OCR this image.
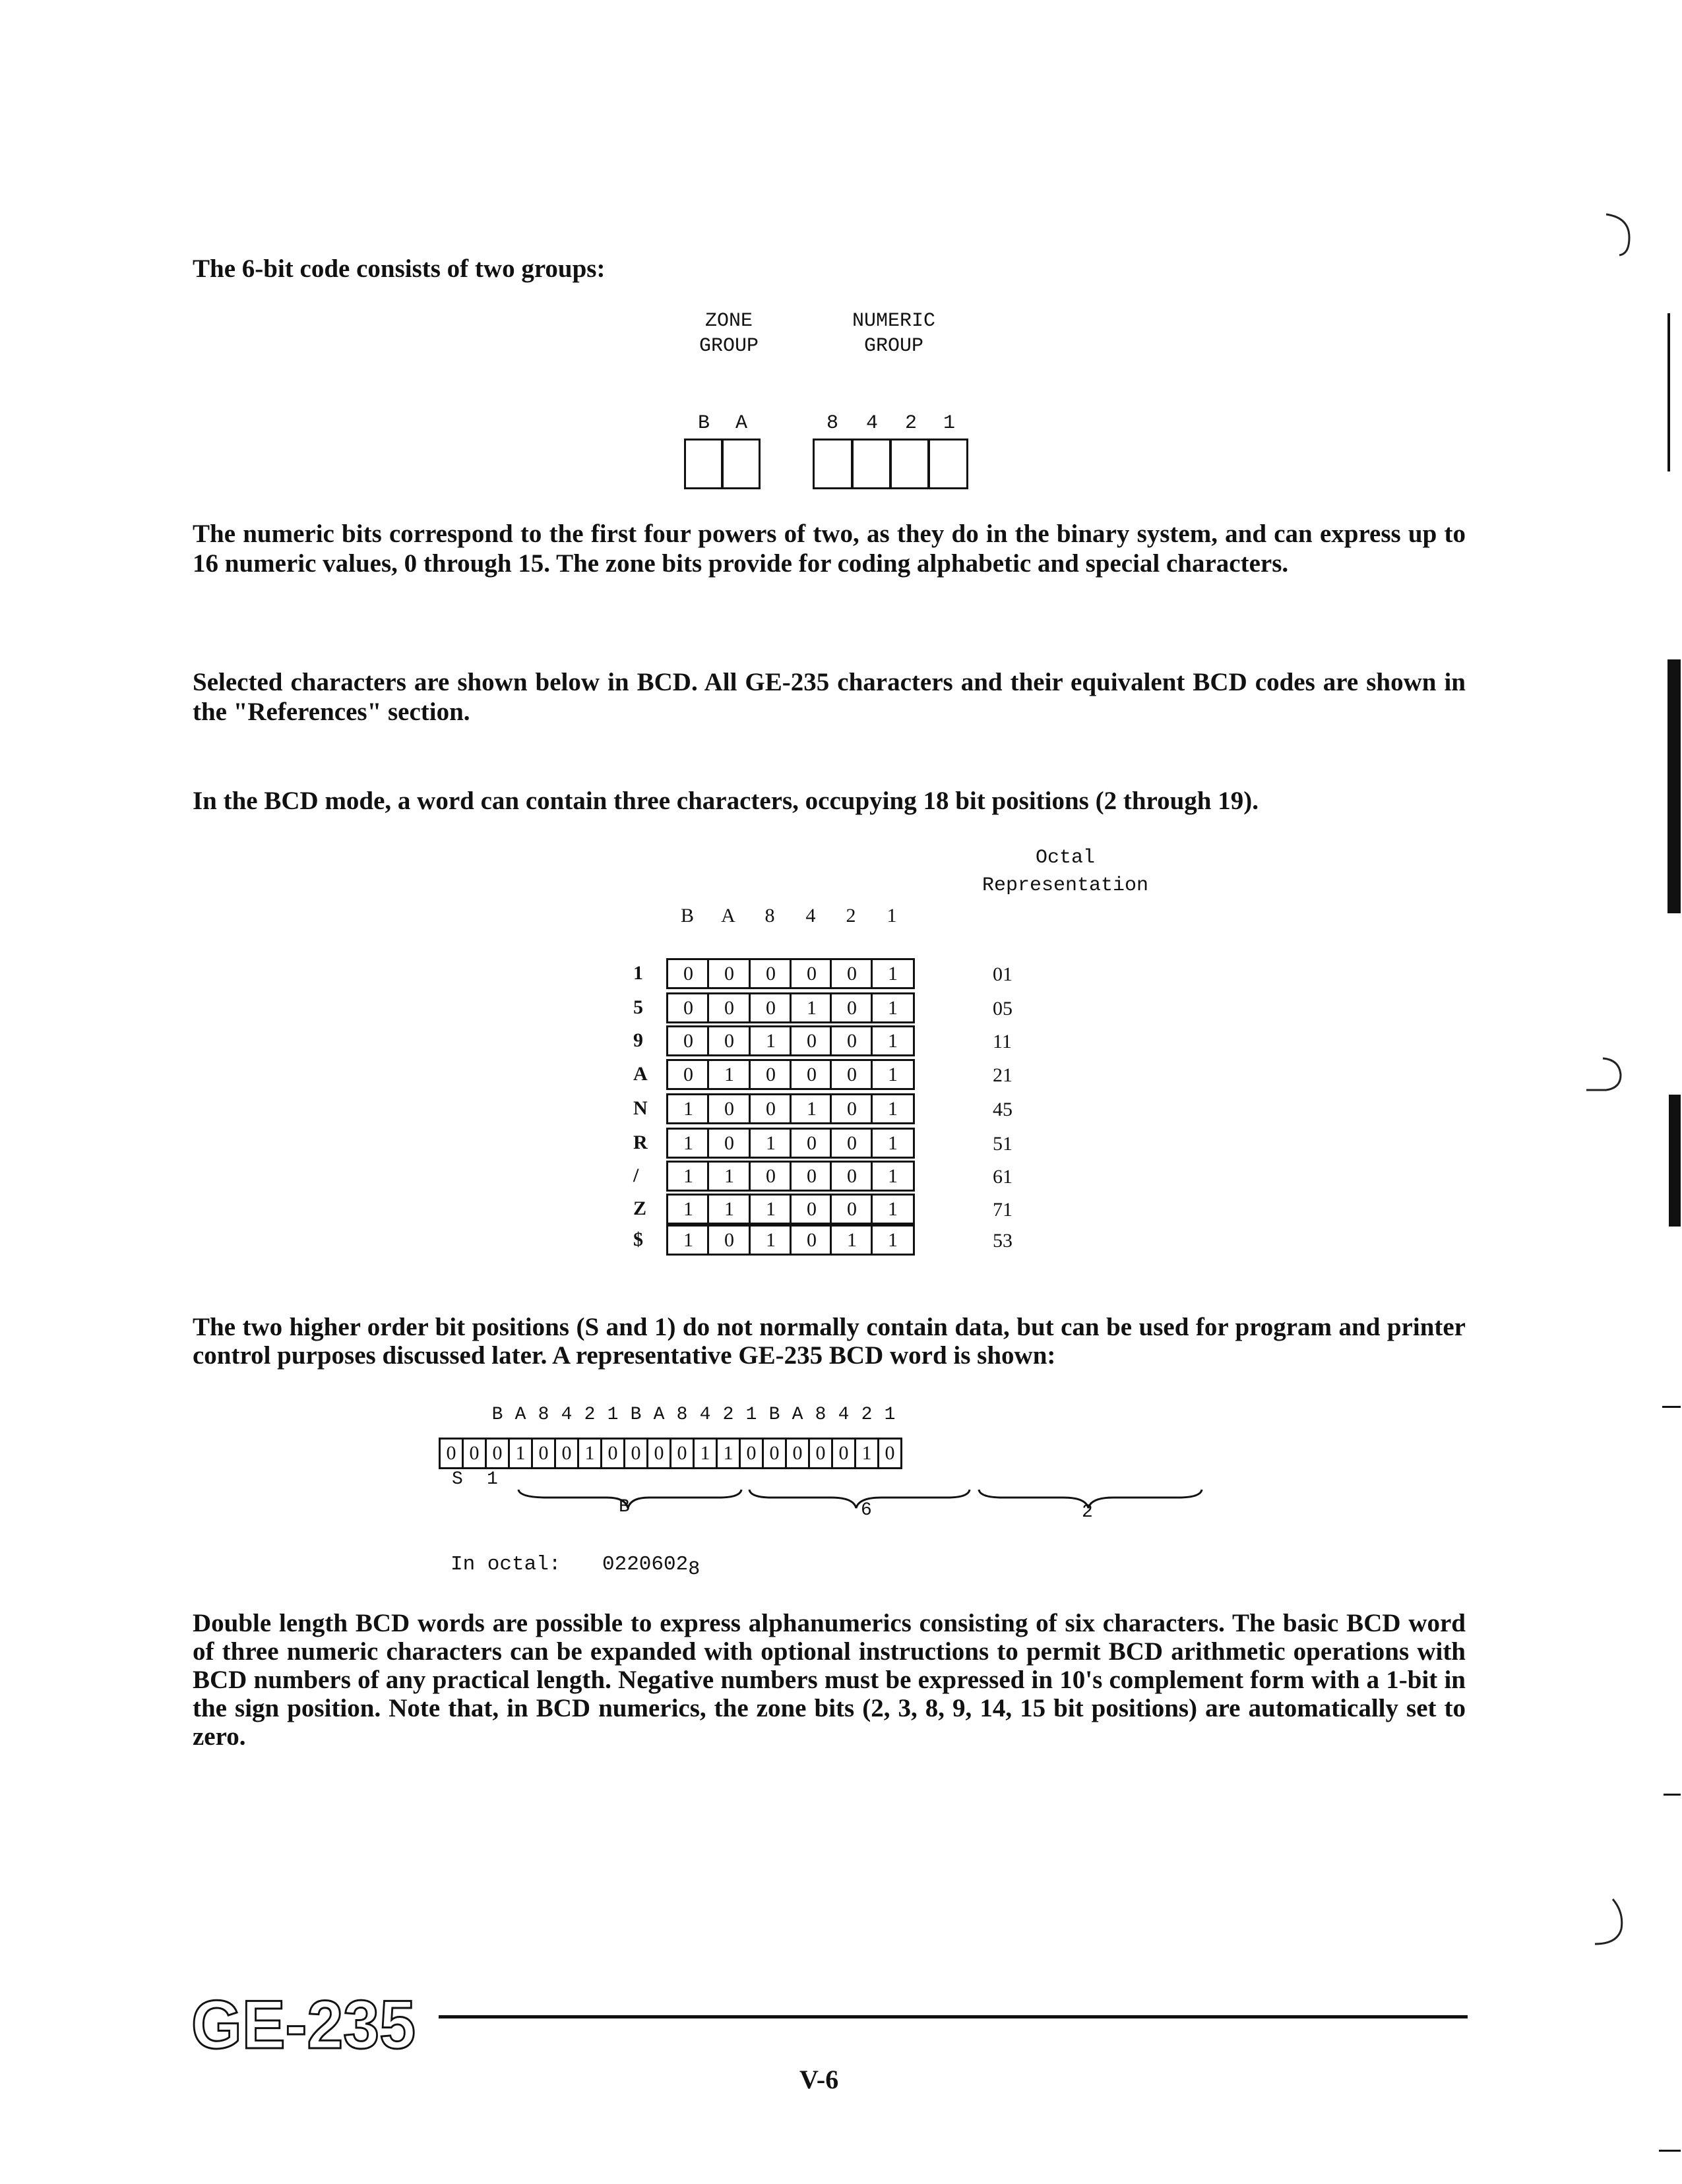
The 6-bit code consists of two groups:

ZONE
GROUP
NUMERIC
GROUP
B A	8 4 2 1

The numeric bits correspond to the first four powers of two, as they do in the binary system, and can express up to 16 numeric values, 0 through 15. The zone bits provide for coding alphabetic and special characters.

Selected characters are shown below in BCD. All GE-235 characters and their equivalent BCD codes are shown in the "References" section.

In the BCD mode, a word can contain three characters, occupying 18 bit positions (2 through 19).

Octal
Representation
B	A	8	4	2	1
1	0	0	0	0	0	1	01
5	0	0	0	1	0	1	05
9	0	0	1	0	0	1	11
A	0	1	0	0	0	1	21
N	1	0	0	1	0	1	45
R	1	0	1	0	0	1	51
/	1	1	0	0	0	1	61
Z	1	1	1	0	0	1	71
$	1	0	1	0	1	1	53

The two higher order bit positions (S and 1) do not normally contain data, but can be used for program and printer control purposes discussed later. A representative GE-235 BCD word is shown:

0 0 0 1 0 0 1 0 0 0 0 1 1 0 0 0 0 0 1 0
B A 8 4 2 1 B A 8 4 2 1 B A 8 4 2 1
S 1
B	6	2
In octal: $0220602_8$

Double length BCD words are possible to express alphanumerics consisting of six characters. The basic BCD word of three numeric characters can be expanded with optional instructions to permit BCD arithmetic operations with BCD numbers of any practical length. Negative numbers must be expressed in 10's complement form with a 1-bit in the sign position. Note that, in BCD numerics, the zone bits (2, 3, 8, 9, 14, 15 bit positions) are automatically set to zero.

GE-235
V-6
